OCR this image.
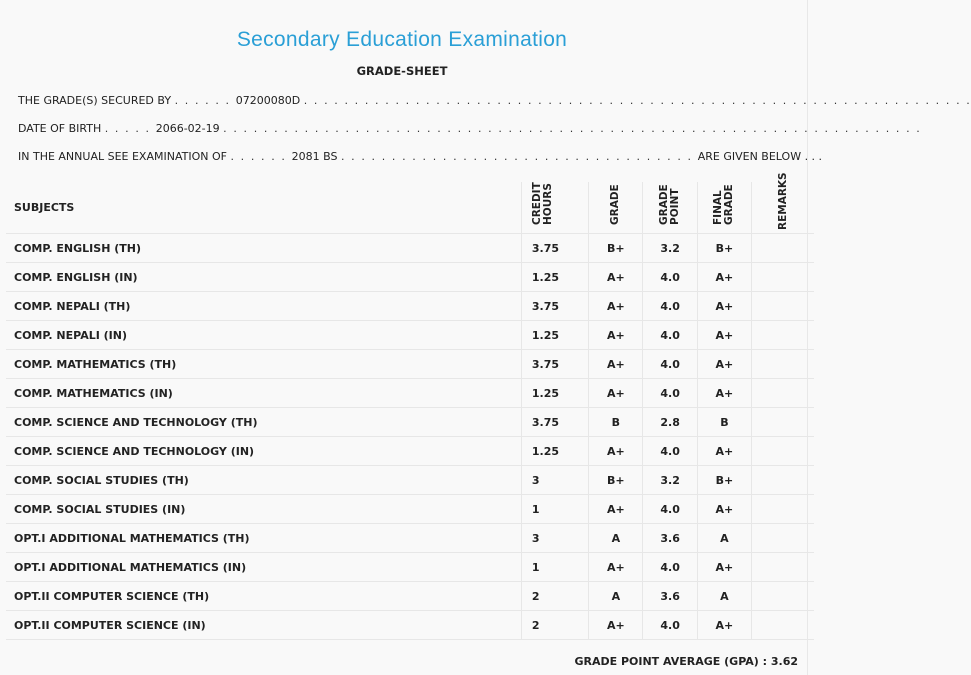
Secondary Education Examination
GRADE-SHEET
THE GRADE(S) SECURED BY . . . . . . 07200080D . . . . . . . . . . . . . . . . . . . . . . . . . . . . . . . . . . . . . . . . . . . . . . . . . . . . . . . . . . . . . . . . . .
DATE OF BIRTH . . . . . 2066-02-19 . . . . . . . . . . . . . . . . . . . . . . . . . . . . . . . . . . . . . . . . . . . . . . . . . . . . . . . . . . . . . . . . . . . . .
IN THE ANNUAL SEE EXAMINATION OF . . . . . . 2081 BS . . . . . . . . . . . . . . . . . . . . . . . . . . . . . . . . . . . ARE GIVEN BELOW . . .
SUBJECTS	CREDIT HOURS	GRADE	GRADE POINT	FINAL GRADE	REMARKS
COMP. ENGLISH (TH)	3.75	B+	3.2	B+	
COMP. ENGLISH (IN)	1.25	A+	4.0	A+	
COMP. NEPALI (TH)	3.75	A+	4.0	A+	
COMP. NEPALI (IN)	1.25	A+	4.0	A+	
COMP. MATHEMATICS (TH)	3.75	A+	4.0	A+	
COMP. MATHEMATICS (IN)	1.25	A+	4.0	A+	
COMP. SCIENCE AND TECHNOLOGY (TH)	3.75	B	2.8	B	
COMP. SCIENCE AND TECHNOLOGY (IN)	1.25	A+	4.0	A+	
COMP. SOCIAL STUDIES (TH)	3	B+	3.2	B+	
COMP. SOCIAL STUDIES (IN)	1	A+	4.0	A+	
OPT.I ADDITIONAL MATHEMATICS (TH)	3	A	3.6	A	
OPT.I ADDITIONAL MATHEMATICS (IN)	1	A+	4.0	A+	
OPT.II COMPUTER SCIENCE (TH)	2	A	3.6	A	
OPT.II COMPUTER SCIENCE (IN)	2	A+	4.0	A+	
GRADE POINT AVERAGE (GPA) : 3.62
